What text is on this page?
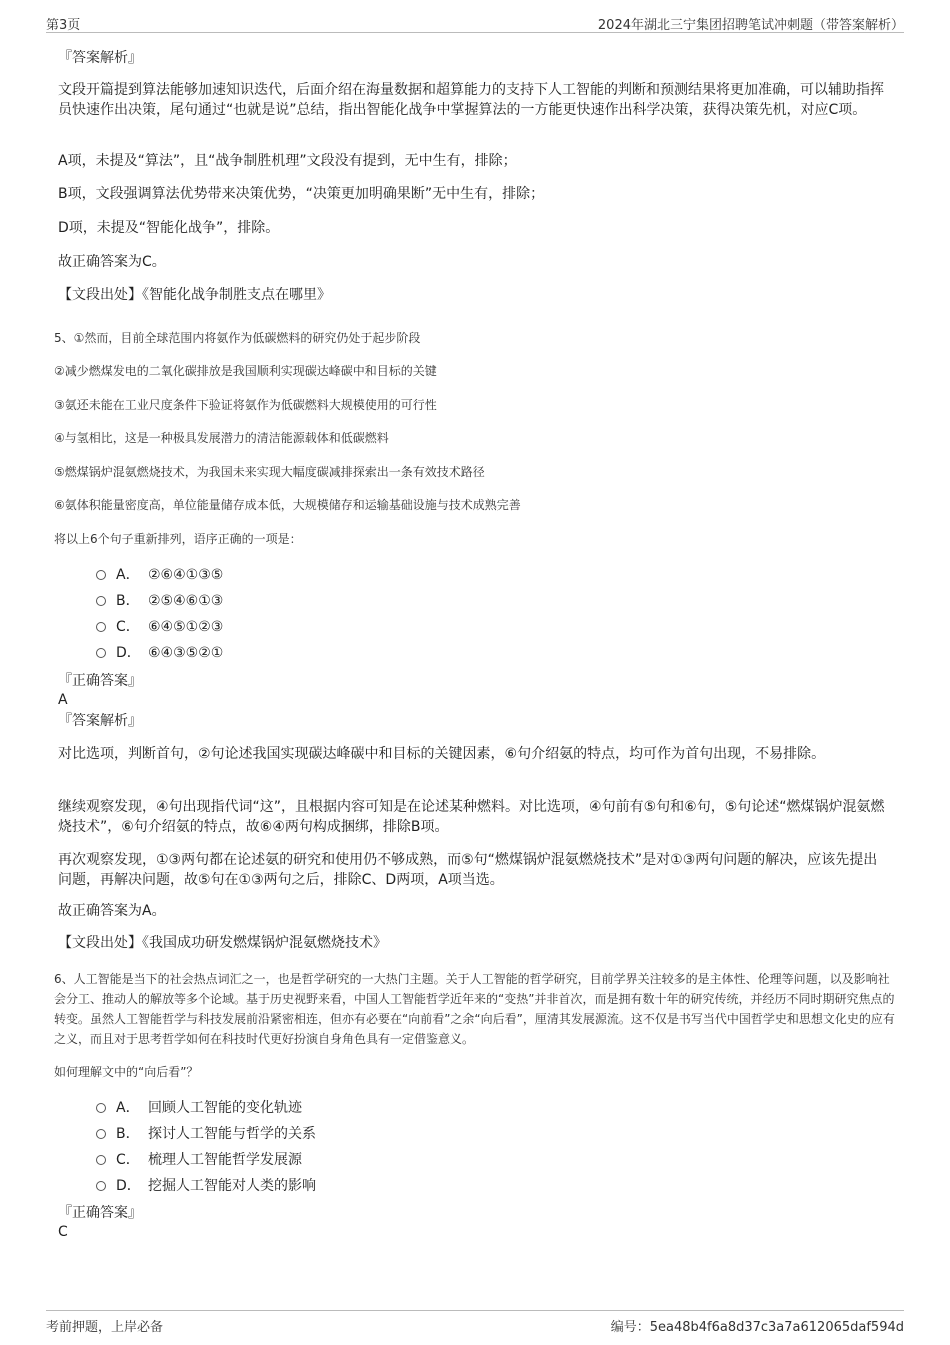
第3页	2024年湖北三宁集团招聘笔试冲刺题（带答案解析）
『答案解析』
文段开篇提到算法能够加速知识迭代，后面介绍在海量数据和超算能力的支持下人工智能的判断和预测结果将更加准确，可以辅助指挥员快速作出决策，尾句通过“也就是说”总结，指出智能化战争中掌握算法的一方能更快速作出科学决策，获得决策先机，对应C项。
A项，未提及“算法”，且“战争制胜机理”文段没有提到，无中生有，排除；
B项，文段强调算法优势带来决策优势，“决策更加明确果断”无中生有，排除；
D项，未提及“智能化战争”，排除。
故正确答案为C。
【文段出处】《智能化战争制胜支点在哪里》
5、①然而，目前全球范围内将氨作为低碳燃料的研究仍处于起步阶段
②减少燃煤发电的二氧化碳排放是我国顺利实现碳达峰碳中和目标的关键
③氨还未能在工业尺度条件下验证将氨作为低碳燃料大规模使用的可行性
④与氢相比，这是一种极具发展潜力的清洁能源载体和低碳燃料
⑤燃煤锅炉混氨燃烧技术，为我国未来实现大幅度碳减排探索出一条有效技术路径
⑥氨体积能量密度高，单位能量储存成本低，大规模储存和运输基础设施与技术成熟完善
将以上6个句子重新排列，语序正确的一项是：
A． ②⑥④①③⑤
B． ②⑤④⑥①③
C． ⑥④⑤①②③
D． ⑥④③⑤②①
『正确答案』
A
『答案解析』
对比选项，判断首句，②句论述我国实现碳达峰碳中和目标的关键因素，⑥句介绍氨的特点，均可作为首句出现，不易排除。
继续观察发现，④句出现指代词“这”，且根据内容可知是在论述某种燃料。对比选项，④句前有⑤句和⑥句，⑤句论述“燃煤锅炉混氨燃烧技术”，⑥句介绍氨的特点，故⑥④两句构成捆绑，排除B项。
再次观察发现，①③两句都在论述氨的研究和使用仍不够成熟，而⑤句“燃煤锅炉混氨燃烧技术”是对①③两句问题的解决，应该先提出问题，再解决问题，故⑤句在①③两句之后，排除C、D两项，A项当选。
故正确答案为A。
【文段出处】《我国成功研发燃煤锅炉混氨燃烧技术》
6、人工智能是当下的社会热点词汇之一，也是哲学研究的一大热门主题。关于人工智能的哲学研究，目前学界关注较多的是主体性、伦理等问题，以及影响社会分工、推动人的解放等多个论域。基于历史视野来看，中国人工智能哲学近年来的“变热”并非首次，而是拥有数十年的研究传统，并经历不同时期研究焦点的转变。虽然人工智能哲学与科技发展前沿紧密相连，但亦有必要在“向前看”之余“向后看”，厘清其发展源流。这不仅是书写当代中国哲学史和思想文化史的应有之义，而且对于思考哲学如何在科技时代更好扮演自身角色具有一定借鉴意义。
如何理解文中的“向后看”？
A． 回顾人工智能的变化轨迹
B． 探讨人工智能与哲学的关系
C． 梳理人工智能哲学发展源
D． 挖掘人工智能对人类的影响
『正确答案』
C
考前押题，上岸必备	编号：5ea48b4f6a8d37c3a7a612065daf594d
